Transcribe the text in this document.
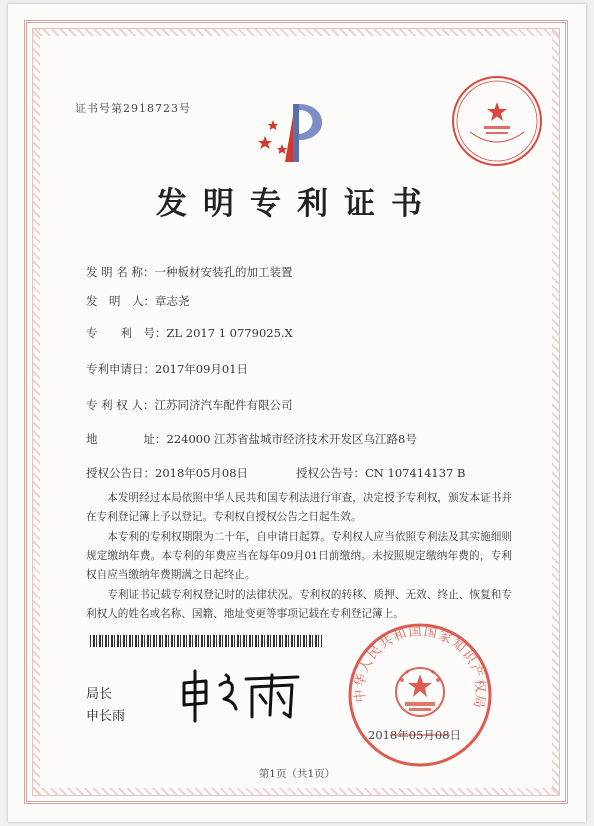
证书号第2918723号
发明专利证书
发 明 名 称：一种板材安装孔的加工装置
发　明　人：章志尧
专　　利　号：ZL 2017 1 0779025.X
专利申请日：2017年09月01日
专 利 权 人：江苏同济汽车配件有限公司
地　　　　址：224000 江苏省盐城市经济技术开发区乌江路8号
授权公告日：2018年05月08日	授权公告号：CN 107414137 B
本发明经过本局依照中华人民共和国专利法进行审查，决定授予专利权，颁发本证书并在专利登记簿上予以登记。专利权自授权公告之日起生效。
本专利的专利权期限为二十年，自申请日起算。专利权人应当依照专利法及其实施细则规定缴纳年费。本专利的年费应当在每年09月01日前缴纳。未按照规定缴纳年费的，专利权自应当缴纳年费期满之日起终止。
专利证书记载专利权登记时的法律状况。专利权的转移、质押、无效、终止、恢复和专利权人的姓名或名称、国籍、地址变更等事项记载在专利登记簿上。
局长
申长雨
中华人民共和国国家知识产权局
2018年05月08日
第1页（共1页）
